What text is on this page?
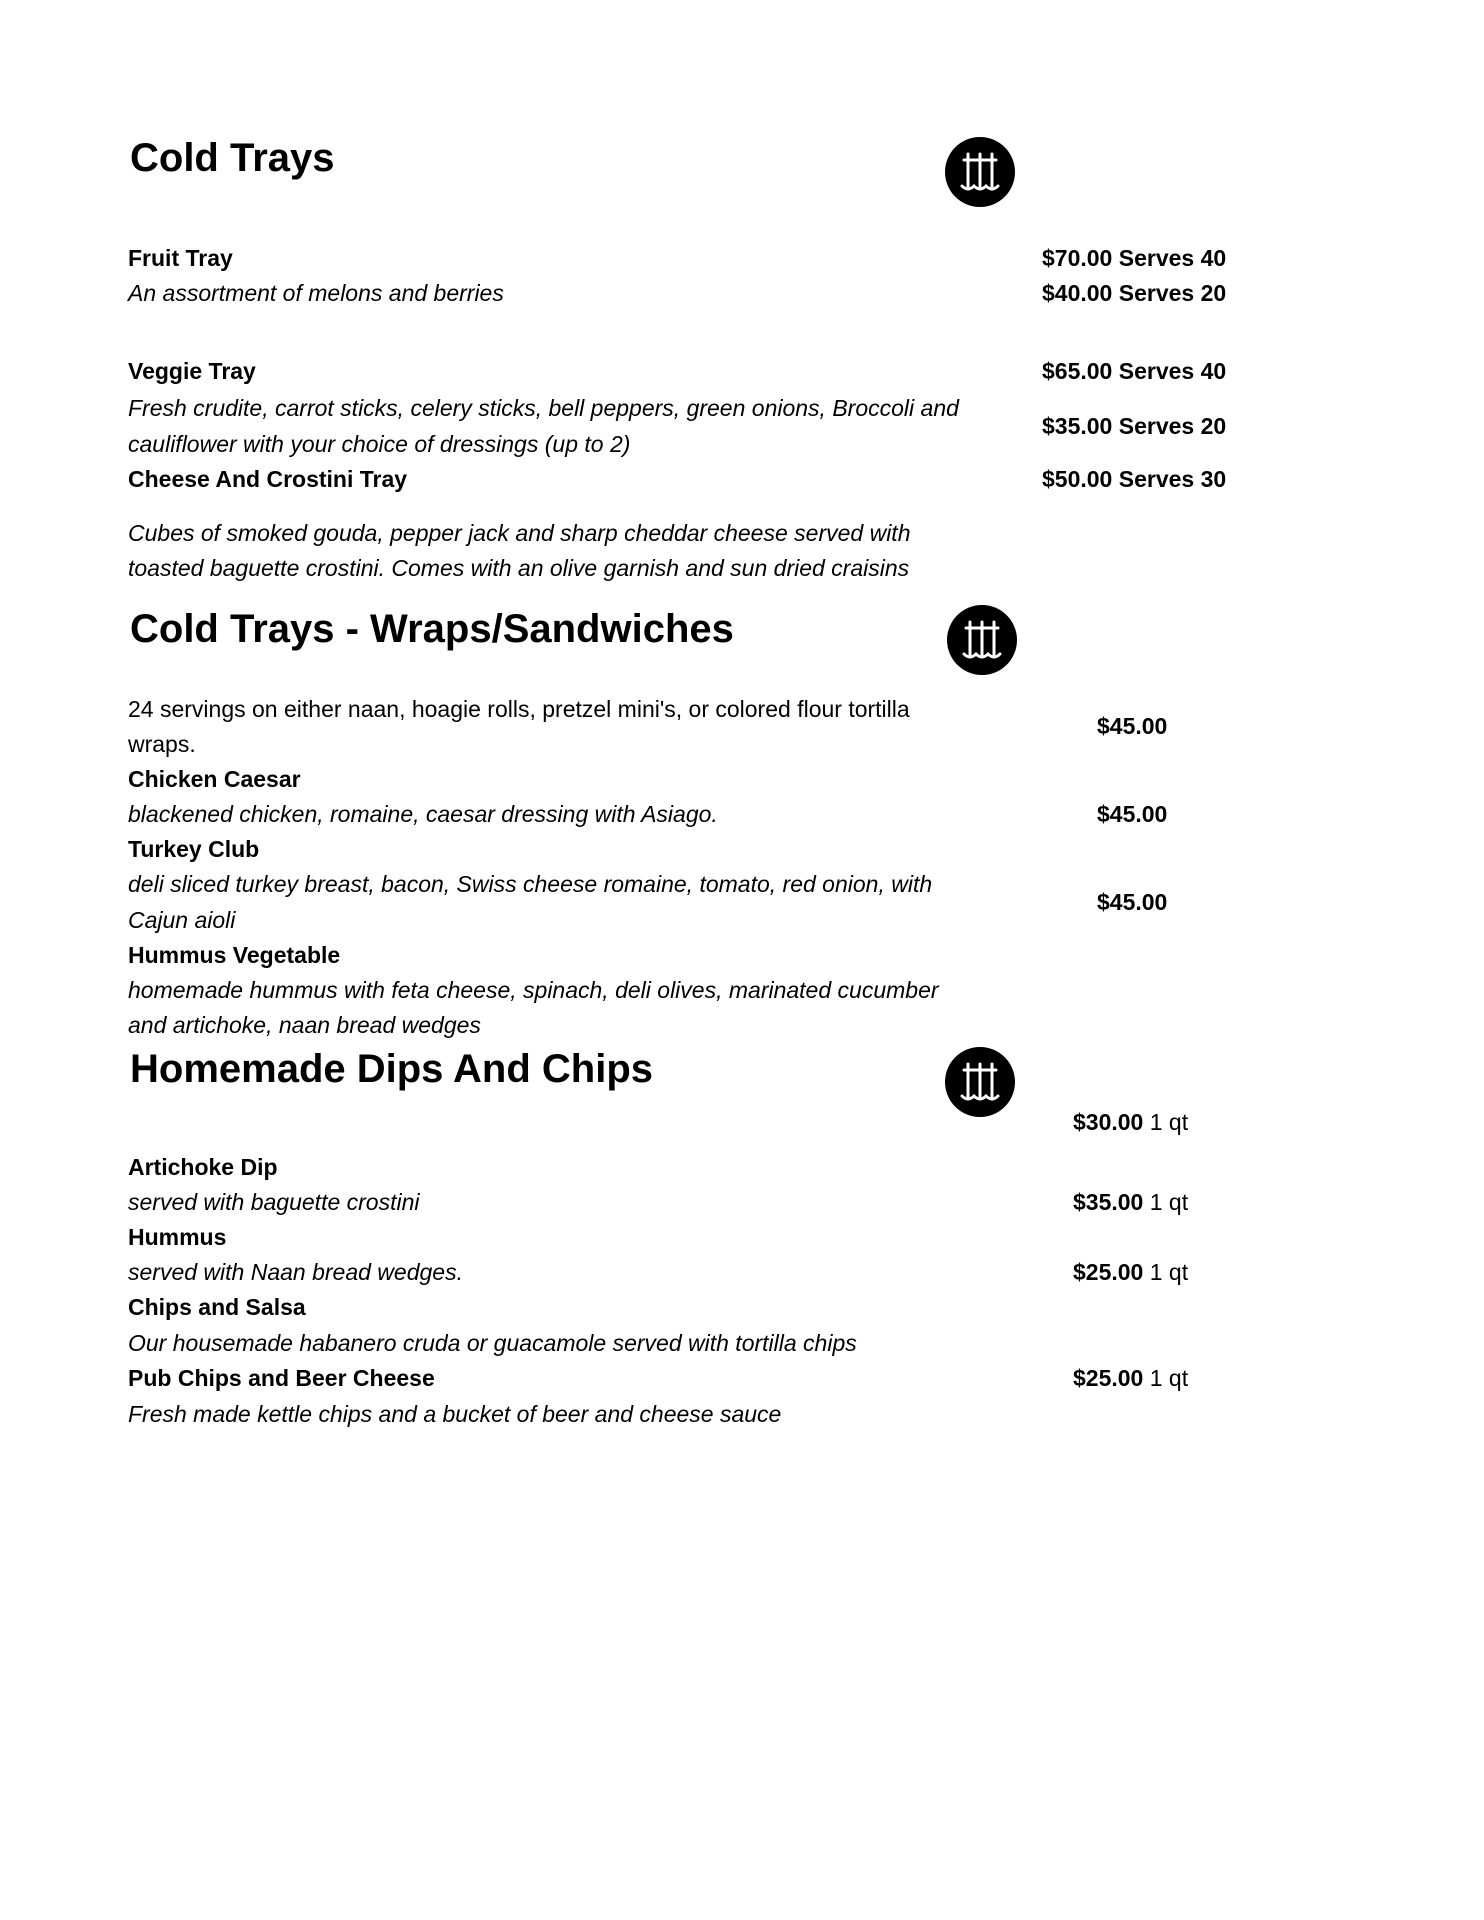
Cold Trays
Fruit Tray
An assortment of melons and berries
Veggie Tray
Fresh crudite, carrot sticks, celery sticks, bell peppers, green onions, Broccoli and
cauliflower with your choice of dressings (up to 2)
Cheese And Crostini Tray
Cubes of smoked gouda, pepper jack and sharp cheddar cheese served with
toasted baguette crostini. Comes with an olive garnish and sun dried craisins
$70.00 Serves 40
$40.00 Serves 20
$65.00 Serves 40
$35.00 Serves 20
$50.00 Serves 30
Cold Trays - Wraps/Sandwiches
24 servings on either naan, hoagie rolls, pretzel mini's, or colored flour tortilla
wraps.
Chicken Caesar
blackened chicken, romaine, caesar dressing with Asiago.
Turkey Club
deli sliced turkey breast, bacon, Swiss cheese romaine, tomato, red onion, with
Cajun aioli
Hummus Vegetable
homemade hummus with feta cheese, spinach, deli olives, marinated cucumber
and artichoke, naan bread wedges
$45.00
$45.00
$45.00
Homemade Dips And Chips
Artichoke Dip
served with baguette crostini
Hummus
served with Naan bread wedges.
Chips and Salsa
Our housemade habanero cruda or guacamole served with tortilla chips
Pub Chips and Beer Cheese
Fresh made kettle chips and a bucket of beer and cheese sauce
$30.00 1 qt
$35.00 1 qt
$25.00 1 qt
$25.00 1 qt
